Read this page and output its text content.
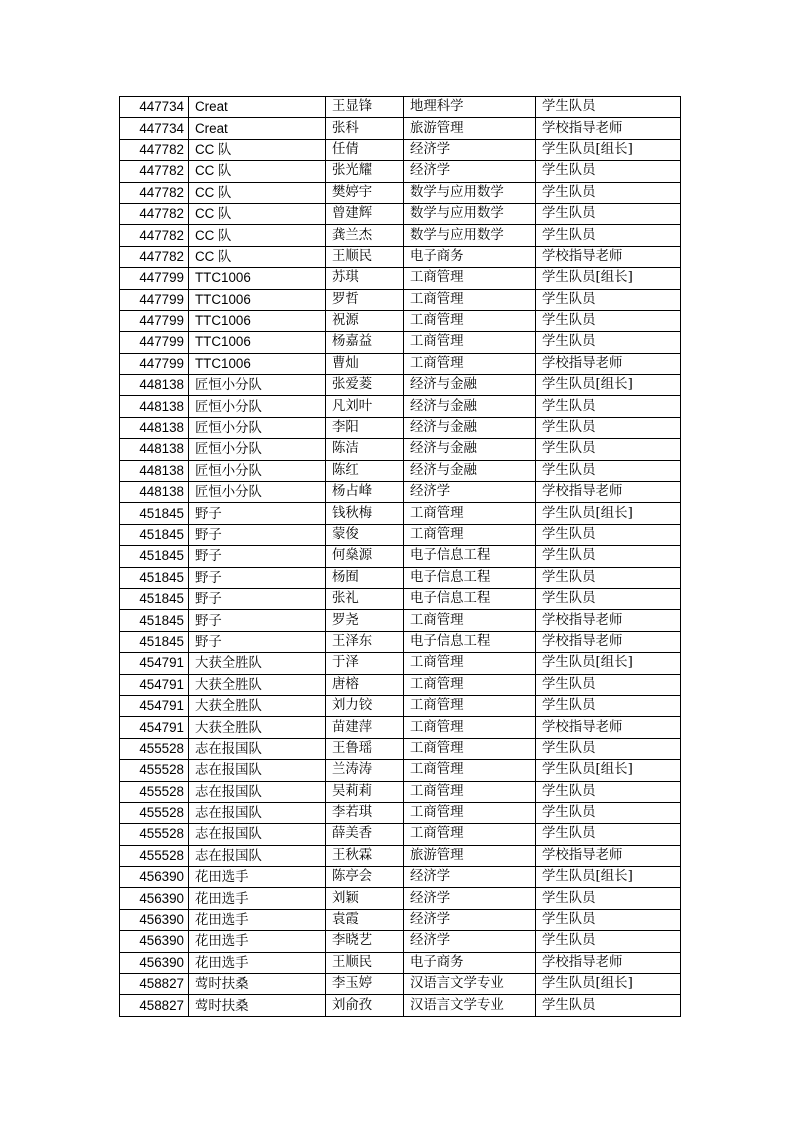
447734	Creat	王显锋	地理科学	学生队员
447734	Creat	张科	旅游管理	学校指导老师
447782	CC 队	任倩	经济学	学生队员[组长]
447782	CC 队	张光耀	经济学	学生队员
447782	CC 队	樊婷宇	数学与应用数学	学生队员
447782	CC 队	曾建辉	数学与应用数学	学生队员
447782	CC 队	龚兰杰	数学与应用数学	学生队员
447782	CC 队	王顺民	电子商务	学校指导老师
447799	TTC1006	苏琪	工商管理	学生队员[组长]
447799	TTC1006	罗哲	工商管理	学生队员
447799	TTC1006	祝源	工商管理	学生队员
447799	TTC1006	杨嘉益	工商管理	学生队员
447799	TTC1006	曹灿	工商管理	学校指导老师
448138	匠恒小分队	张爱菱	经济与金融	学生队员[组长]
448138	匠恒小分队	凡刘叶	经济与金融	学生队员
448138	匠恒小分队	李阳	经济与金融	学生队员
448138	匠恒小分队	陈洁	经济与金融	学生队员
448138	匠恒小分队	陈红	经济与金融	学生队员
448138	匠恒小分队	杨占峰	经济学	学校指导老师
451845	野子	钱秋梅	工商管理	学生队员[组长]
451845	野子	蒙俊	工商管理	学生队员
451845	野子	何燊源	电子信息工程	学生队员
451845	野子	杨囿	电子信息工程	学生队员
451845	野子	张礼	电子信息工程	学生队员
451845	野子	罗尧	工商管理	学校指导老师
451845	野子	王泽东	电子信息工程	学校指导老师
454791	大获全胜队	于泽	工商管理	学生队员[组长]
454791	大获全胜队	唐榕	工商管理	学生队员
454791	大获全胜队	刘力铰	工商管理	学生队员
454791	大获全胜队	苗建萍	工商管理	学校指导老师
455528	志在报国队	王鲁瑶	工商管理	学生队员
455528	志在报国队	兰涛涛	工商管理	学生队员[组长]
455528	志在报国队	吴莉莉	工商管理	学生队员
455528	志在报国队	李若琪	工商管理	学生队员
455528	志在报国队	薛美香	工商管理	学生队员
455528	志在报国队	王秋霖	旅游管理	学校指导老师
456390	花田选手	陈亭会	经济学	学生队员[组长]
456390	花田选手	刘颖	经济学	学生队员
456390	花田选手	袁霞	经济学	学生队员
456390	花田选手	李晓艺	经济学	学生队员
456390	花田选手	王顺民	电子商务	学校指导老师
458827	莺时扶桑	李玉婷	汉语言文学专业	学生队员[组长]
458827	莺时扶桑	刘俞孜	汉语言文学专业	学生队员
